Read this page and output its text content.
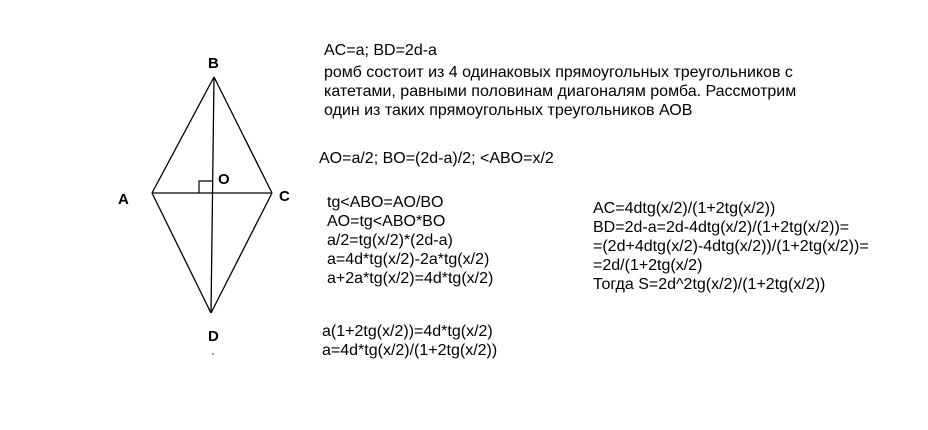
B
A	C
O
D
AC=a; BD=2d-a
ромб состоит из 4 одинаковых прямоугольных треугольников с
катетами, равными половинам диагоналям ромба. Рассмотрим
один из таких прямоугольных треугольников АОВ
AO=a/2; BO=(2d-a)/2; <ABO=x/2
tg<ABO=AO/BO
AO=tg<ABO*BO
a/2=tg(x/2)*(2d-a)
a=4d*tg(x/2)-2a*tg(x/2)
a+2a*tg(x/2)=4d*tg(x/2)
a(1+2tg(x/2))=4d*tg(x/2)
a=4d*tg(x/2)/(1+2tg(x/2))
AC=4dtg(x/2)/(1+2tg(x/2))
BD=2d-a=2d-4dtg(x/2)/(1+2tg(x/2))=
=(2d+4dtg(x/2)-4dtg(x/2))/(1+2tg(x/2))=
=2d/(1+2tg(x/2)
Тогда S=2d^2tg(x/2)/(1+2tg(x/2))
